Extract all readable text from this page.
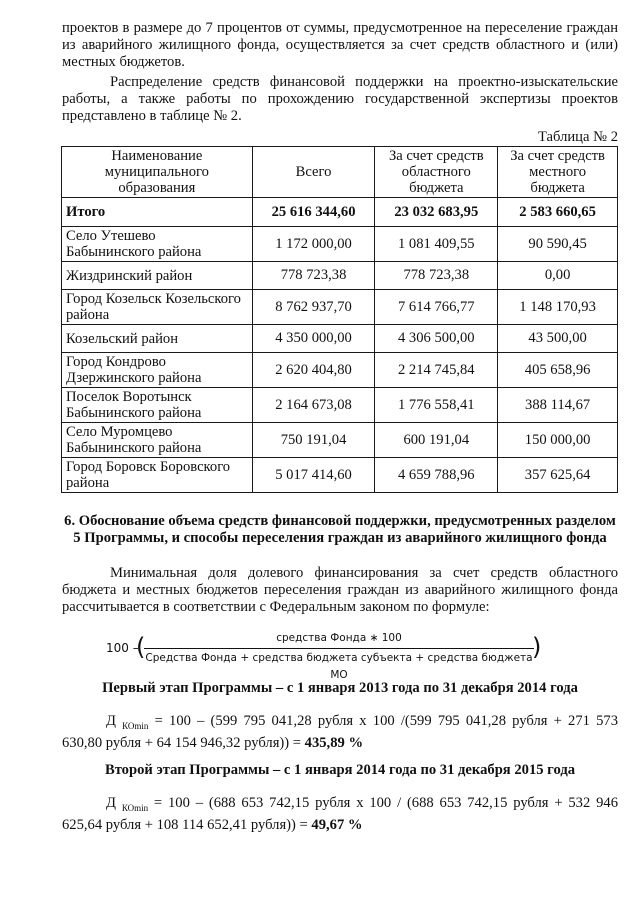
проектов в размере до 7 процентов от суммы, предусмотренное на переселение граждан из аварийного жилищного фонда, осуществляется за счет средств областного и (или) местных бюджетов.

Распределение средств финансовой поддержки на проектно-изыскательские работы, а также работы по прохождению государственной экспертизы проектов представлено в таблице № 2.

Таблица № 2
Наименование муниципального образования	Всего	За счет средств областного бюджета	За счет средств местного бюджета
Итого	25 616 344,60	23 032 683,95	2 583 660,65
Село Утешево Бабынинского района	1 172 000,00	1 081 409,55	90 590,45
Жиздринский район	778 723,38	778 723,38	0,00
Город Козельск Козельского района	8 762 937,70	7 614 766,77	1 148 170,93
Козельский район	4 350 000,00	4 306 500,00	43 500,00
Город Кондрово Дзержинского района	2 620 404,80	2 214 745,84	405 658,96
Поселок Воротынск Бабынинского района	2 164 673,08	1 776 558,41	388 114,67
Село Муромцево Бабынинского района	750 191,04	600 191,04	150 000,00
Город Боровск Боровского района	5 017 414,60	4 659 788,96	357 625,64
6. Обоснование объема средств финансовой поддержки, предусмотренных разделом 5 Программы, и способы переселения граждан из аварийного жилищного фонда

Минимальная доля долевого финансирования за счет средств областного бюджета и местных бюджетов переселения граждан из аварийного жилищного фонда рассчитывается в соответствии с Федеральным законом по формуле:

100 –
(	средства Фонда ∗ 100
Средства Фонда + средства бюджета субъекта + средства бюджета МО
)
Первый этап Программы – с 1 января 2013 года по 31 декабря 2014 года

Д $_{КОmin}$ = 100 – (599 795 041,28 рубля x 100 /(599 795 041,28 рубля + 271 573 630,80 рубля + 64 154 946,32 рубля)) = 435,89 %

Второй этап Программы – с 1 января 2014 года по 31 декабря 2015 года

Д $_{КОmin}$ = 100 – (688 653 742,15 рубля x 100 / (688 653 742,15 рубля + 532 946 625,64 рубля + 108 114 652,41 рубля)) = 49,67 %
